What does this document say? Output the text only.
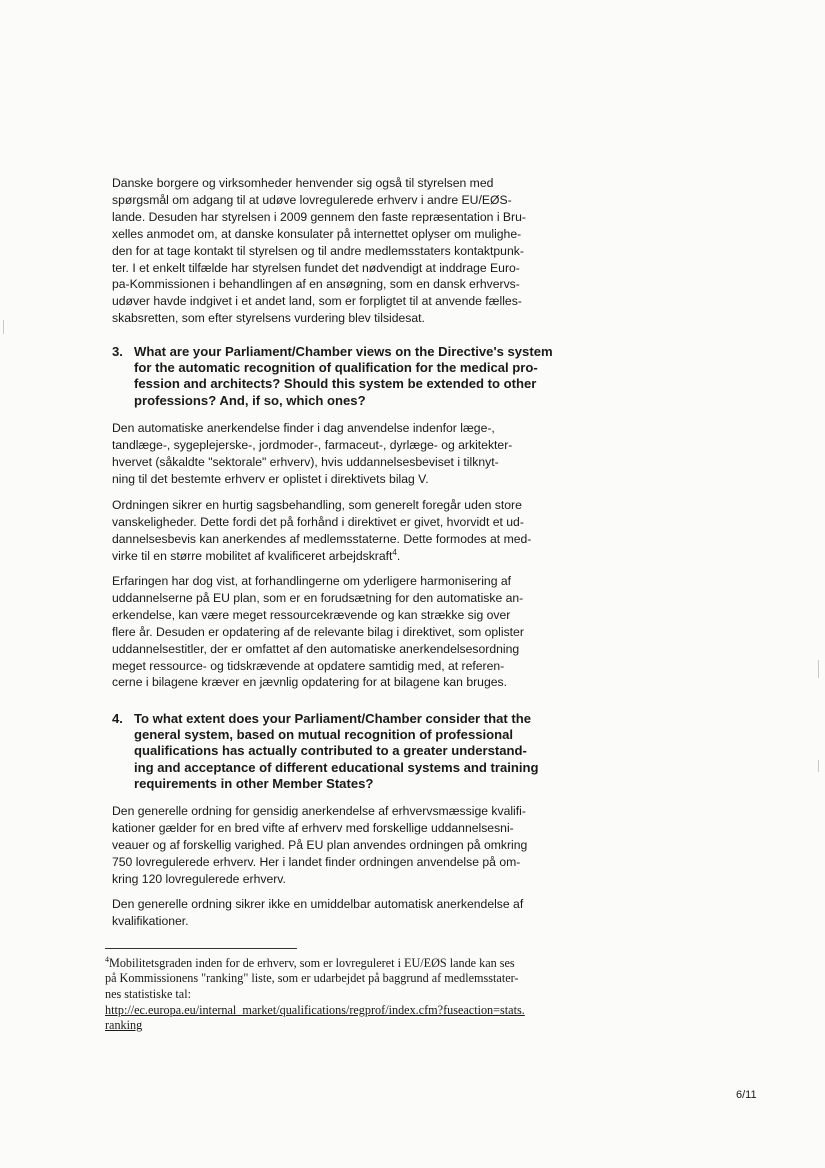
Danske borgere og virksomheder henvender sig også til styrelsen med
spørgsmål om adgang til at udøve lovregulerede erhverv i andre EU/EØS-
lande. Desuden har styrelsen i 2009 gennem den faste repræsentation i Bru-
xelles anmodet om, at danske konsulater på internettet oplyser om mulighe-
den for at tage kontakt til styrelsen og til andre medlemsstaters kontaktpunk-
ter. I et enkelt tilfælde har styrelsen fundet det nødvendigt at inddrage Euro-
pa-Kommissionen i behandlingen af en ansøgning, som en dansk erhvervs-
udøver havde indgivet i et andet land, som er forpligtet til at anvende fælles-
skabsretten, som efter styrelsens vurdering blev tilsidesat.

3. What are your Parliament/Chamber views on the Directive's system
for the automatic recognition of qualification for the medical pro-
fession and architects? Should this system be extended to other
professions? And, if so, which ones?

Den automatiske anerkendelse finder i dag anvendelse indenfor læge-,
tandlæge-, sygeplejerske-, jordmoder-, farmaceut-, dyrlæge- og arkitekter-
hvervet (såkaldte "sektorale" erhverv), hvis uddannelsesbeviset i tilknyt-
ning til det bestemte erhverv er oplistet i direktivets bilag V.

Ordningen sikrer en hurtig sagsbehandling, som generelt foregår uden store
vanskeligheder. Dette fordi det på forhånd i direktivet er givet, hvorvidt et ud-
dannelsesbevis kan anerkendes af medlemsstaterne. Dette formodes at med-
virke til en større mobilitet af kvalificeret arbejdskraft$^4$.

Erfaringen har dog vist, at forhandlingerne om yderligere harmonisering af
uddannelserne på EU plan, som er en forudsætning for den automatiske an-
erkendelse, kan være meget ressourcekrævende og kan strække sig over
flere år. Desuden er opdatering af de relevante bilag i direktivet, som oplister
uddannelsestitler, der er omfattet af den automatiske anerkendelsesordning
meget ressource- og tidskrævende at opdatere samtidig med, at referen-
cerne i bilagene kræver en jævnlig opdatering for at bilagene kan bruges.

4. To what extent does your Parliament/Chamber consider that the
general system, based on mutual recognition of professional
qualifications has actually contributed to a greater understand-
ing and acceptance of different educational systems and training
requirements in other Member States?

Den generelle ordning for gensidig anerkendelse af erhvervsmæssige kvalifi-
kationer gælder for en bred vifte af erhverv med forskellige uddannelsesni-
veauer og af forskellig varighed. På EU plan anvendes ordningen på omkring
750 lovregulerede erhverv. Her i landet finder ordningen anvendelse på om-
kring 120 lovregulerede erhverv.

Den generelle ordning sikrer ikke en umiddelbar automatisk anerkendelse af
kvalifikationer.

$^4$Mobilitetsgraden inden for de erhverv, som er lovreguleret i EU/EØS lande kan ses
på Kommissionens "ranking" liste, som er udarbejdet på baggrund af medlemsstater-
nes statistiske tal:

http://ec.europa.eu/internal_market/qualifications/regprof/index.cfm?fuseaction=stats.
ranking

6/11
